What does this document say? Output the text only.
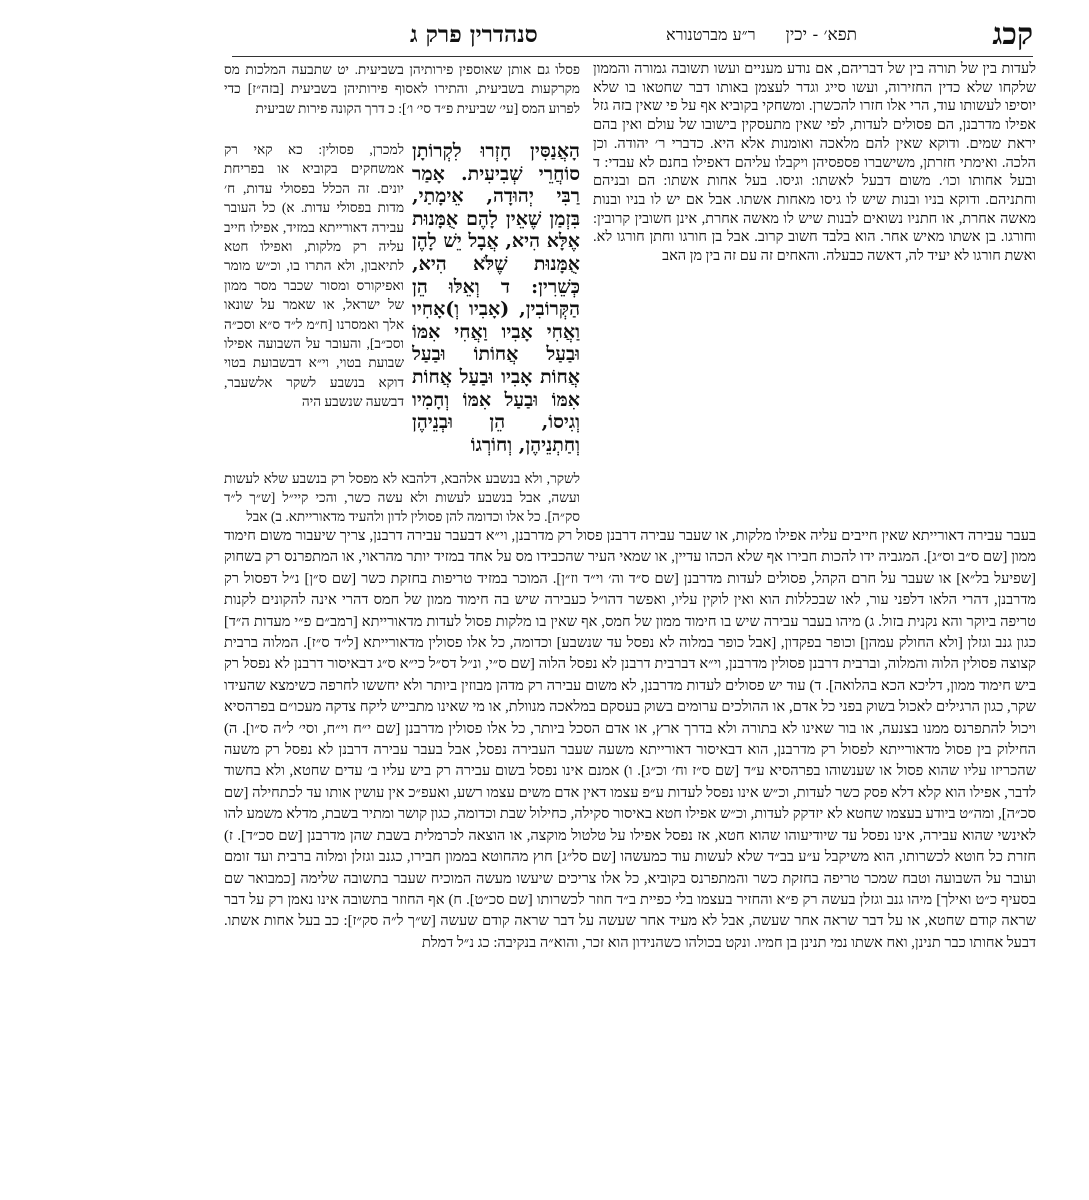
קכג
תפא׳ - יכין
סנהדרין פרק ג	ר״ע מברטנורא
לעדות בין של תורה בין של דבריהם, אם נודע מעניים ועשו תשובה גמורה והממון שלקחו שלא כדין החזירוה, ועשו סייג וגדר לעצמן באותו דבר שחטאו בו שלא יוסיפו לעשותו עוד, הרי אלו חזרו להכשרן. ומשחקי בקוביא אף על פי שאין בזה גזל אפילו מדרבנן, הם פסולים לעדות, לפי שאין מתעסקין בישובו של עולם ואין בהם יראת שמים. ודוקא שאין להם מלאכה ואומנות אלא היא. כדברי ר׳ יהודה. וכן הלכה. ואימתי חזרתן, משישברו פספסיהן ויקבלו עליהם דאפילו בחנם לא עבדי: ד ובעל אחותו וכו׳. משום דבעל לאשתו: וגיסו. בעל אחות אשתו: הם ובניהם וחתניהם. ודוקא בניו ובנות שיש לו גיסו מאחות אשתו. אבל אם יש לו בניו ובנות מאשה אחרת, או חתניו נשואים לבנות שיש לו מאשה אחרת, אינן חשובין קרובין: וחורגו. בן אשתו מאיש אחר. הוא בלבד חשוב קרוב. אבל בן חורגו וחתן חורגו לא. ואשת חורגו לא יעיד לה, דאשה כבעלה. והאחים זה עם זה בין מן האב
פסלו גם אותן שאוספין פירותיהן בשביעית. יט שתבעה המלכות מס מקרקעות בשביעית, והתירו לאסוף פירותיהן בשביעית [בזה״ז] כדי לפרוע המס [עי׳ שביעית פ״ד סי׳ ו׳]: כ דרך הקונה פירות שביעית
הָאֲנַסִּין חָזְרוּ לִקְרוֹתָן סוֹחֲרֵי שְׁבִיעִית. אָמַר רַבִּי יְהוּדָה, אֵימָתַי, בִּזְמַן שֶׁאֵין לָהֶם אֻמָּנוּת אֶלָּא הִיא, אֲבָל יֵשׁ לָהֶן אֻמָּנוּת שֶׁלֹּא הִיא, כְּשֵׁרִין: ד וְאֵלּוּ הֵן הַקְּרוֹבִין, (אָבִיו וְ)אָחִיו וַאֲחִי אָבִיו וַאֲחִי אִמּוֹ וּבַעַל אֲחוֹתוֹ וּבַעַל אֲחוֹת אָבִיו וּבַעַל אֲחוֹת אִמּוֹ וּבַעַל אִמּוֹ וְחָמִיו וְגִיסוֹ, הֵן וּבְנֵיהֶן וְחַתְנֵיהֶן, וְחוֹרְגוֹ
למכרן, פסולין: כא קאי רק אמשחקים בקוביא או בפריחת יונים. זה הכלל בפסולי עדות, ח׳ מדות בפסולי עדות. א) כל העובר עבירה דאורייתא במזיד, אפילו חייב עליה רק מלקות, ואפילו חטא לתיאבון, ולא התרו בו, וכ״ש מומר ואפיקורס ומסור שכבר מסר ממון של ישראל, או שאמר על שונאו אלך ואמסרנו [ח״מ ל״ד ס״א וסכ״ה וסכ״ב], והעובר על השבועה אפילו שבועת בטוי, וי״א דבשבועת בטוי דוקא בנשבע לשקר אלשעבר, דבשעה שנשבע היה
לשקר, ולא בנשבע אלהבא, דלהבא לא מפסל רק בנשבע שלא לעשות ועשה, אבל בנשבע לעשות ולא עשה כשר, והכי קיי״ל [ש״ך ל״ד סק״ה]. כל אלו וכדומה להן פסולין לדון ולהעיד מדאורייתא. ב) אבל
בעבר עבירה דאורייתא שאין חייבים עליה אפילו מלקות, או שעבר עבירה דרבנן פסול רק מדרבנן, וי״א דבעבר עבירה דרבנן, צריך שיעבור משום חימוד ממון [שם ס״ב וס״ג]. המגביה ידו להכות חבירו אף שלא הכהו עדיין, או שמאי העיר שהכבידו מס על אחד במזיד יותר מהראוי, או המתפרנס רק בשחוק [שפיעל בל״א] או שעבר על חרם הקהל, פסולים לעדות מדרבנן [שם ס״ד וה׳ וי״ד וז״ן]. המוכר במזיד טריפות בחזקת כשר [שם ס״ן] נ״ל דפסול רק מדרבנן, דהרי הלאו דלפני עור, לאו שבכללות הוא ואין לוקין עליו, ואפשר דהו״ל כעבירה שיש בה חימוד ממון של חמס דהרי אינה להקונים לקנות טריפה ביוקר והא נקנית בזול. ג) מיהו בעבר עבירה שיש בו חימוד ממון של חמס, אף שאין בו מלקות פסול לעדות מדאורייתא [רמב״ם פ״י מעדות ה״ד] כגון גנב וגזלן [ולא החולק עמהן] וכופר בפקדון, [אבל כופר במלוה לא נפסל עד שנשבע] וכדומה, כל אלו פסולין מדאורייתא [ל״ד ס״ז]. המלוה ברבית קצוצה פסולין הלוה והמלוה, וברבית דרבנן פסולין מדרבנן, וי״א דברבית דרבנן לא נפסל הלוה [שם ס״י, ונ״ל דס״ל כי״א ס״ג דבאיסור דרבנן לא נפסל רק ביש חימוד ממון, דליכא הכא בהלואה]. ד) עוד יש פסולים לעדות מדרבנן, לא משום עבירה רק מדהן מבוזין ביותר ולא יחששו לחרפה כשימצא שהעידו שקר, כגון הרגילים לאכול בשוק בפני כל אדם, או ההולכים ערומים בשוק בעסקם במלאכה מנוולת, או מי שאינו מתבייש ליקח צדקה מעכו״ם בפרהסיא ויכול להתפרנס ממנו בצנעה, או בור שאינו לא בתורה ולא בדרך ארץ, או אדם הסכל ביותר, כל אלו פסולין מדרבנן [שם י״ח וי״ח, וסי׳ ל״ה ס״ו]. ה) החילוק בין פסול מדאורייתא לפסול רק מדרבנן, הוא דבאיסור דאורייתא משעה שעבר העבירה נפסל, אבל בעבר עבירה דרבנן לא נפסל רק משעה שהכריזו עליו שהוא פסול או שענשוהו בפרהסיא ע״ד [שם ס״ז וח׳ וכ״ג]. ו) אמנם אינו נפסל בשום עבירה רק ביש עליו ב׳ עדים שחטא, ולא בחשוד לדבר, אפילו הוא קלא דלא פסק כשר לעדות, וכ״ש אינו נפסל לעדות ע״פ עצמו דאין אדם משים עצמו רשע, ואעפ״כ אין עושין אותו עד לכתחילה [שם סכ״ה], ומה״ט ביודע בעצמו שחטא לא יזדקק לעדות, וכ״ש אפילו חטא באיסור סקילה, כחילול שבת וכדומה, כגון קושר ומתיר בשבת, מדלא משמע להו לאינשי שהוא עבירה, אינו נפסל עד שיודיעוהו שהוא חטא, אז נפסל אפילו על טלטול מוקצה, או הוצאה לכרמלית בשבת שהן מדרבנן [שם סכ״ד]. ז) חזרת כל חוטא לכשרותו, הוא משיקבל ע״ע בב״ד שלא לעשות עוד כמעשהו [שם סל״ג] חוץ מהחוטא בממון חבירו, כגנב וגזלן ומלוה ברבית ועד זומם ועובר על השבועה וטבח שמכר טריפה בחזקת כשר והמתפרנס בקוביא, כל אלו צריכים שיעשו מעשה המוכיח שעבר בתשובה שלימה [כמבואר שם בסעיף כ״ט ואילך] מיהו גנב וגזלן בעשה רק פ״א והחזיר בעצמו בלי כפיית ב״ד חוזר לכשרותו [שם סכ״ט]. ח) אף החוזר בתשובה אינו נאמן רק על דבר שראה קודם שחטא, או על דבר שראה אחר שעשה, אבל לא מעיד אחר שעשה על דבר שראה קודם שעשה [ש״ך ל״ה סק״ז]: כב בעל אחות אשתו. דבעל אחותו כבר תנינן, ואח אשתו נמי תנינן בן חמיו. ונקט בכולהו כשהנידון הוא זכר, והוא״ה בנקיבה: כג נ״ל דמלת
